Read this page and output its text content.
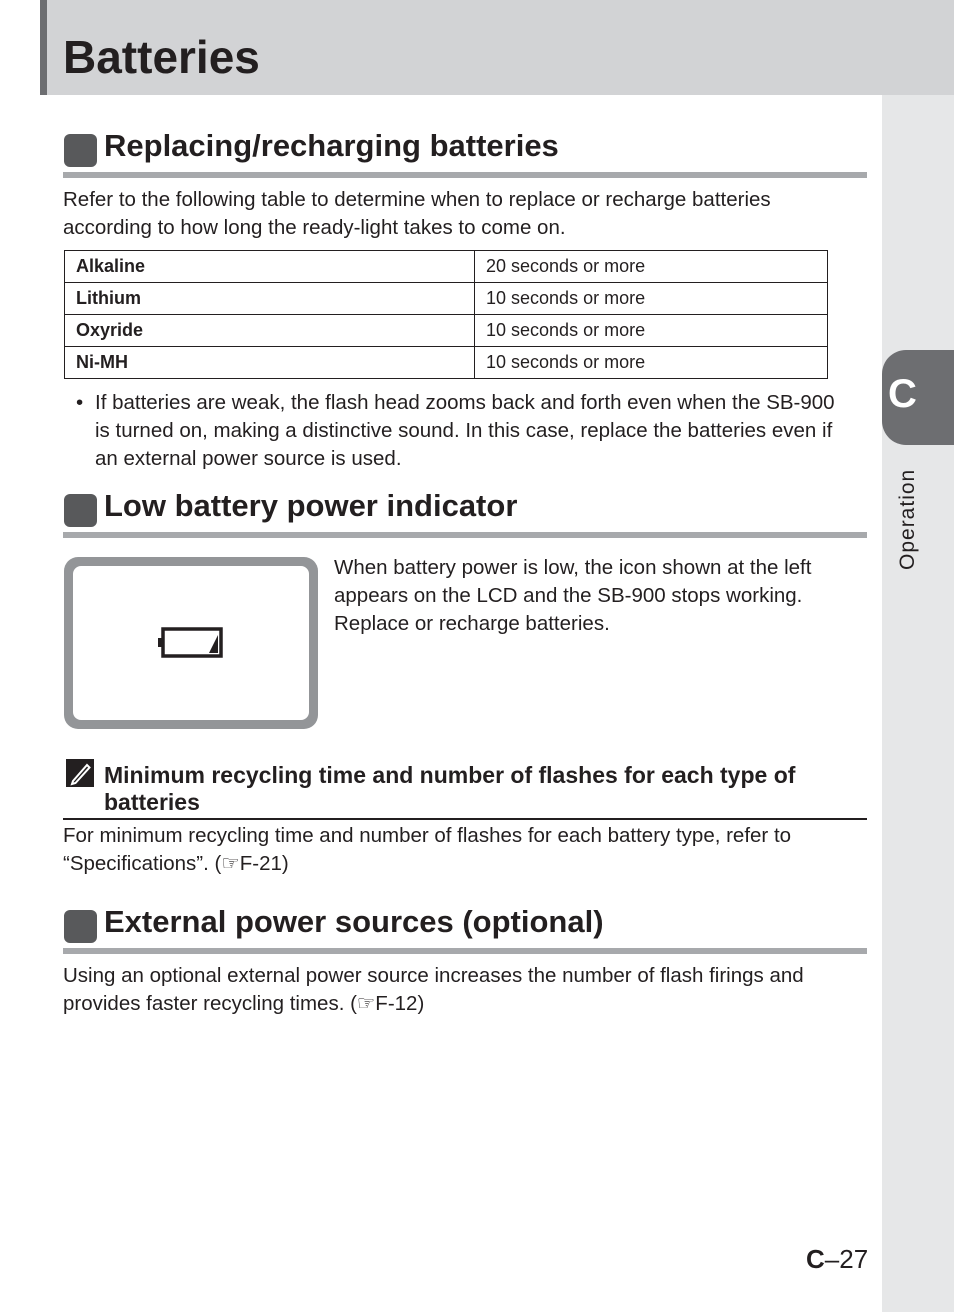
Batteries
C
Operation
Replacing/recharging batteries

Refer to the following table to determine when to replace or recharge batteries according to how long the ready-light takes to come on.

Alkaline	20 seconds or more
Lithium	10 seconds or more
Oxyride	10 seconds or more
Ni-MH	10 seconds or more
• If batteries are weak, the flash head zooms back and forth even when the SB-900 is turned on, making a distinctive sound. In this case, replace the batteries even if an external power source is used.

Low battery power indicator

When battery power is low, the icon shown at the left appears on the LCD and the SB-900 stops working. Replace or recharge batteries.

Minimum recycling time and number of flashes for each type of batteries

For minimum recycling time and number of flashes for each battery type, refer to “Specifications”. (☞F-21)

External power sources (optional)

Using an optional external power source increases the number of flash firings and provides faster recycling times. (☞F-12)

C–27
